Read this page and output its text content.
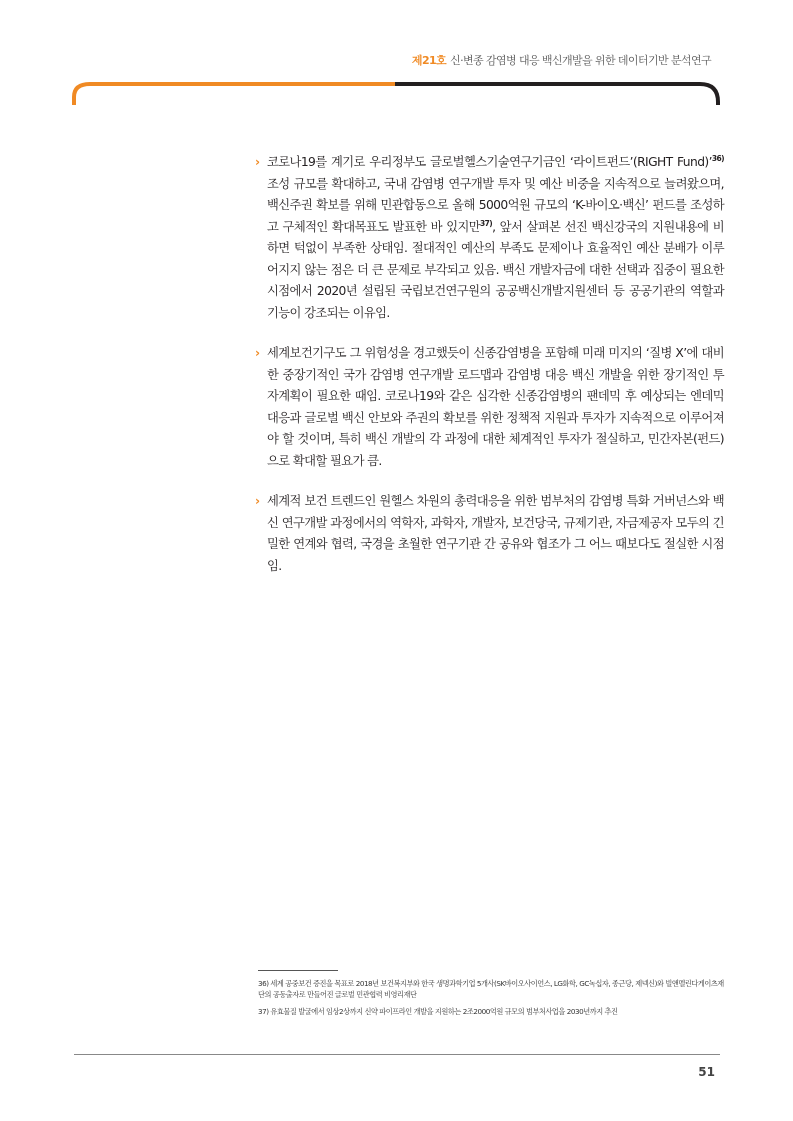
제21호 신·변종 감염병 대응 백신개발을 위한 데이터기반 분석연구

› 코로나19를 계기로 우리정부도 글로벌헬스기술연구기금인 ‘라이트펀드’(RIGHT Fund)’$^{36)}$ 조성 규모를 확대하고, 국내 감염병 연구개발 투자 및 예산 비중을 지속적으로 늘려왔으며, 백신주권 확보를 위해 민관합동으로 올해 5000억원 규모의 ‘K-바이오·백신’ 펀드를 조성하고 구체적인 확대목표도 발표한 바 있지만$^{37)}$, 앞서 살펴본 선진 백신강국의 지원내용에 비하면 턱없이 부족한 상태임. 절대적인 예산의 부족도 문제이나 효율적인 예산 분배가 이루어지지 않는 점은 더 큰 문제로 부각되고 있음. 백신 개발자금에 대한 선택과 집중이 필요한 시점에서 2020년 설립된 국립보건연구원의 공공백신개발지원센터 등 공공기관의 역할과 기능이 강조되는 이유임.

› 세계보건기구도 그 위험성을 경고했듯이 신종감염병을 포함해 미래 미지의 ‘질병 X’에 대비한 중장기적인 국가 감염병 연구개발 로드맵과 감염병 대응 백신 개발을 위한 장기적인 투자계획이 필요한 때임. 코로나19와 같은 심각한 신종감염병의 팬데믹 후 예상되는 엔데믹 대응과 글로벌 백신 안보와 주권의 확보를 위한 정책적 지원과 투자가 지속적으로 이루어져야 할 것이며, 특히 백신 개발의 각 과정에 대한 체계적인 투자가 절실하고, 민간자본(펀드)으로 확대할 필요가 큼.

› 세계적 보건 트렌드인 원헬스 차원의 총력대응을 위한 범부처의 감염병 특화 거버넌스와 백신 연구개발 과정에서의 역학자, 과학자, 개발자, 보건당국, 규제기관, 자금제공자 모두의 긴밀한 연계와 협력, 국경을 초월한 연구기관 간 공유와 협조가 그 어느 때보다도 절실한 시점임.

36) 세계 공중보건 증진을 목표로 2018년 보건복지부와 한국 생명과학기업 5개사(SK바이오사이언스, LG화학, GC녹십자, 종근당, 제넥신)와 빌앤멜린다게이츠재단의 공동출자로 만들어진 글로벌 민관협력 비영리재단

37) 유효물질 발굴에서 임상2상까지 신약 파이프라인 개발을 지원하는 2조2000억원 규모의 범부처사업을 2030년까지 추진

51
